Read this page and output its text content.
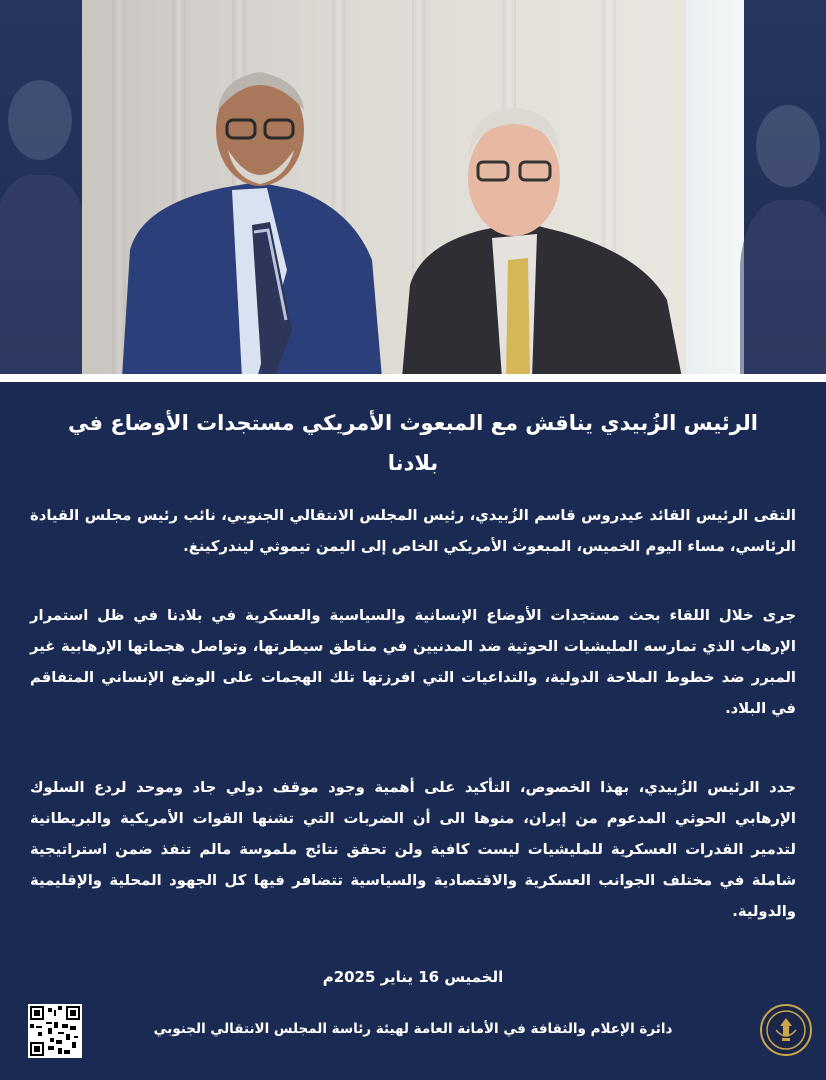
الرئيس الزُبيدي يناقش مع المبعوث الأمريكي مستجدات الأوضاع في بلادنا
التقى الرئيس القائد عيدروس قاسم الزُبيدي، رئيس المجلس الانتقالي الجنوبي، نائب رئيس مجلس القيادة الرئاسي، مساء اليوم الخميس، المبعوث الأمريكي الخاص إلى اليمن تيموثي ليندركينغ.
جرى خلال اللقاء بحث مستجدات الأوضاع الإنسانية والسياسية والعسكرية في بلادنا في ظل استمرار الإرهاب الذي تمارسه المليشيات الحوثية ضد المدنيين في مناطق سيطرتها، وتواصل هجماتها الإرهابية غير المبرر ضد خطوط الملاحة الدولية، والتداعيات التي افرزتها تلك الهجمات على الوضع الإنساني المتفاقم في البلاد.
جدد الرئيس الزُبيدي، بهذا الخصوص، التأكيد على أهمية وجود موقف دولي جاد وموحد لردع السلوك الإرهابي الحوثي المدعوم من إيران، منوها الى أن الضربات التي تشنها القوات الأمريكية والبريطانية لتدمير القدرات العسكرية للمليشيات ليست كافية ولن تحقق نتائج ملموسة مالم تنفذ ضمن استراتيجية شاملة في مختلف الجوانب العسكرية والاقتصادية والسياسية تتضافر فيها كل الجهود المحلية والإقليمية والدولية.
الخميس 16 يناير 2025م
دائرة الإعلام والثقافة في الأمانة العامة لهيئة رئاسة المجلس الانتقالي الجنوبي
